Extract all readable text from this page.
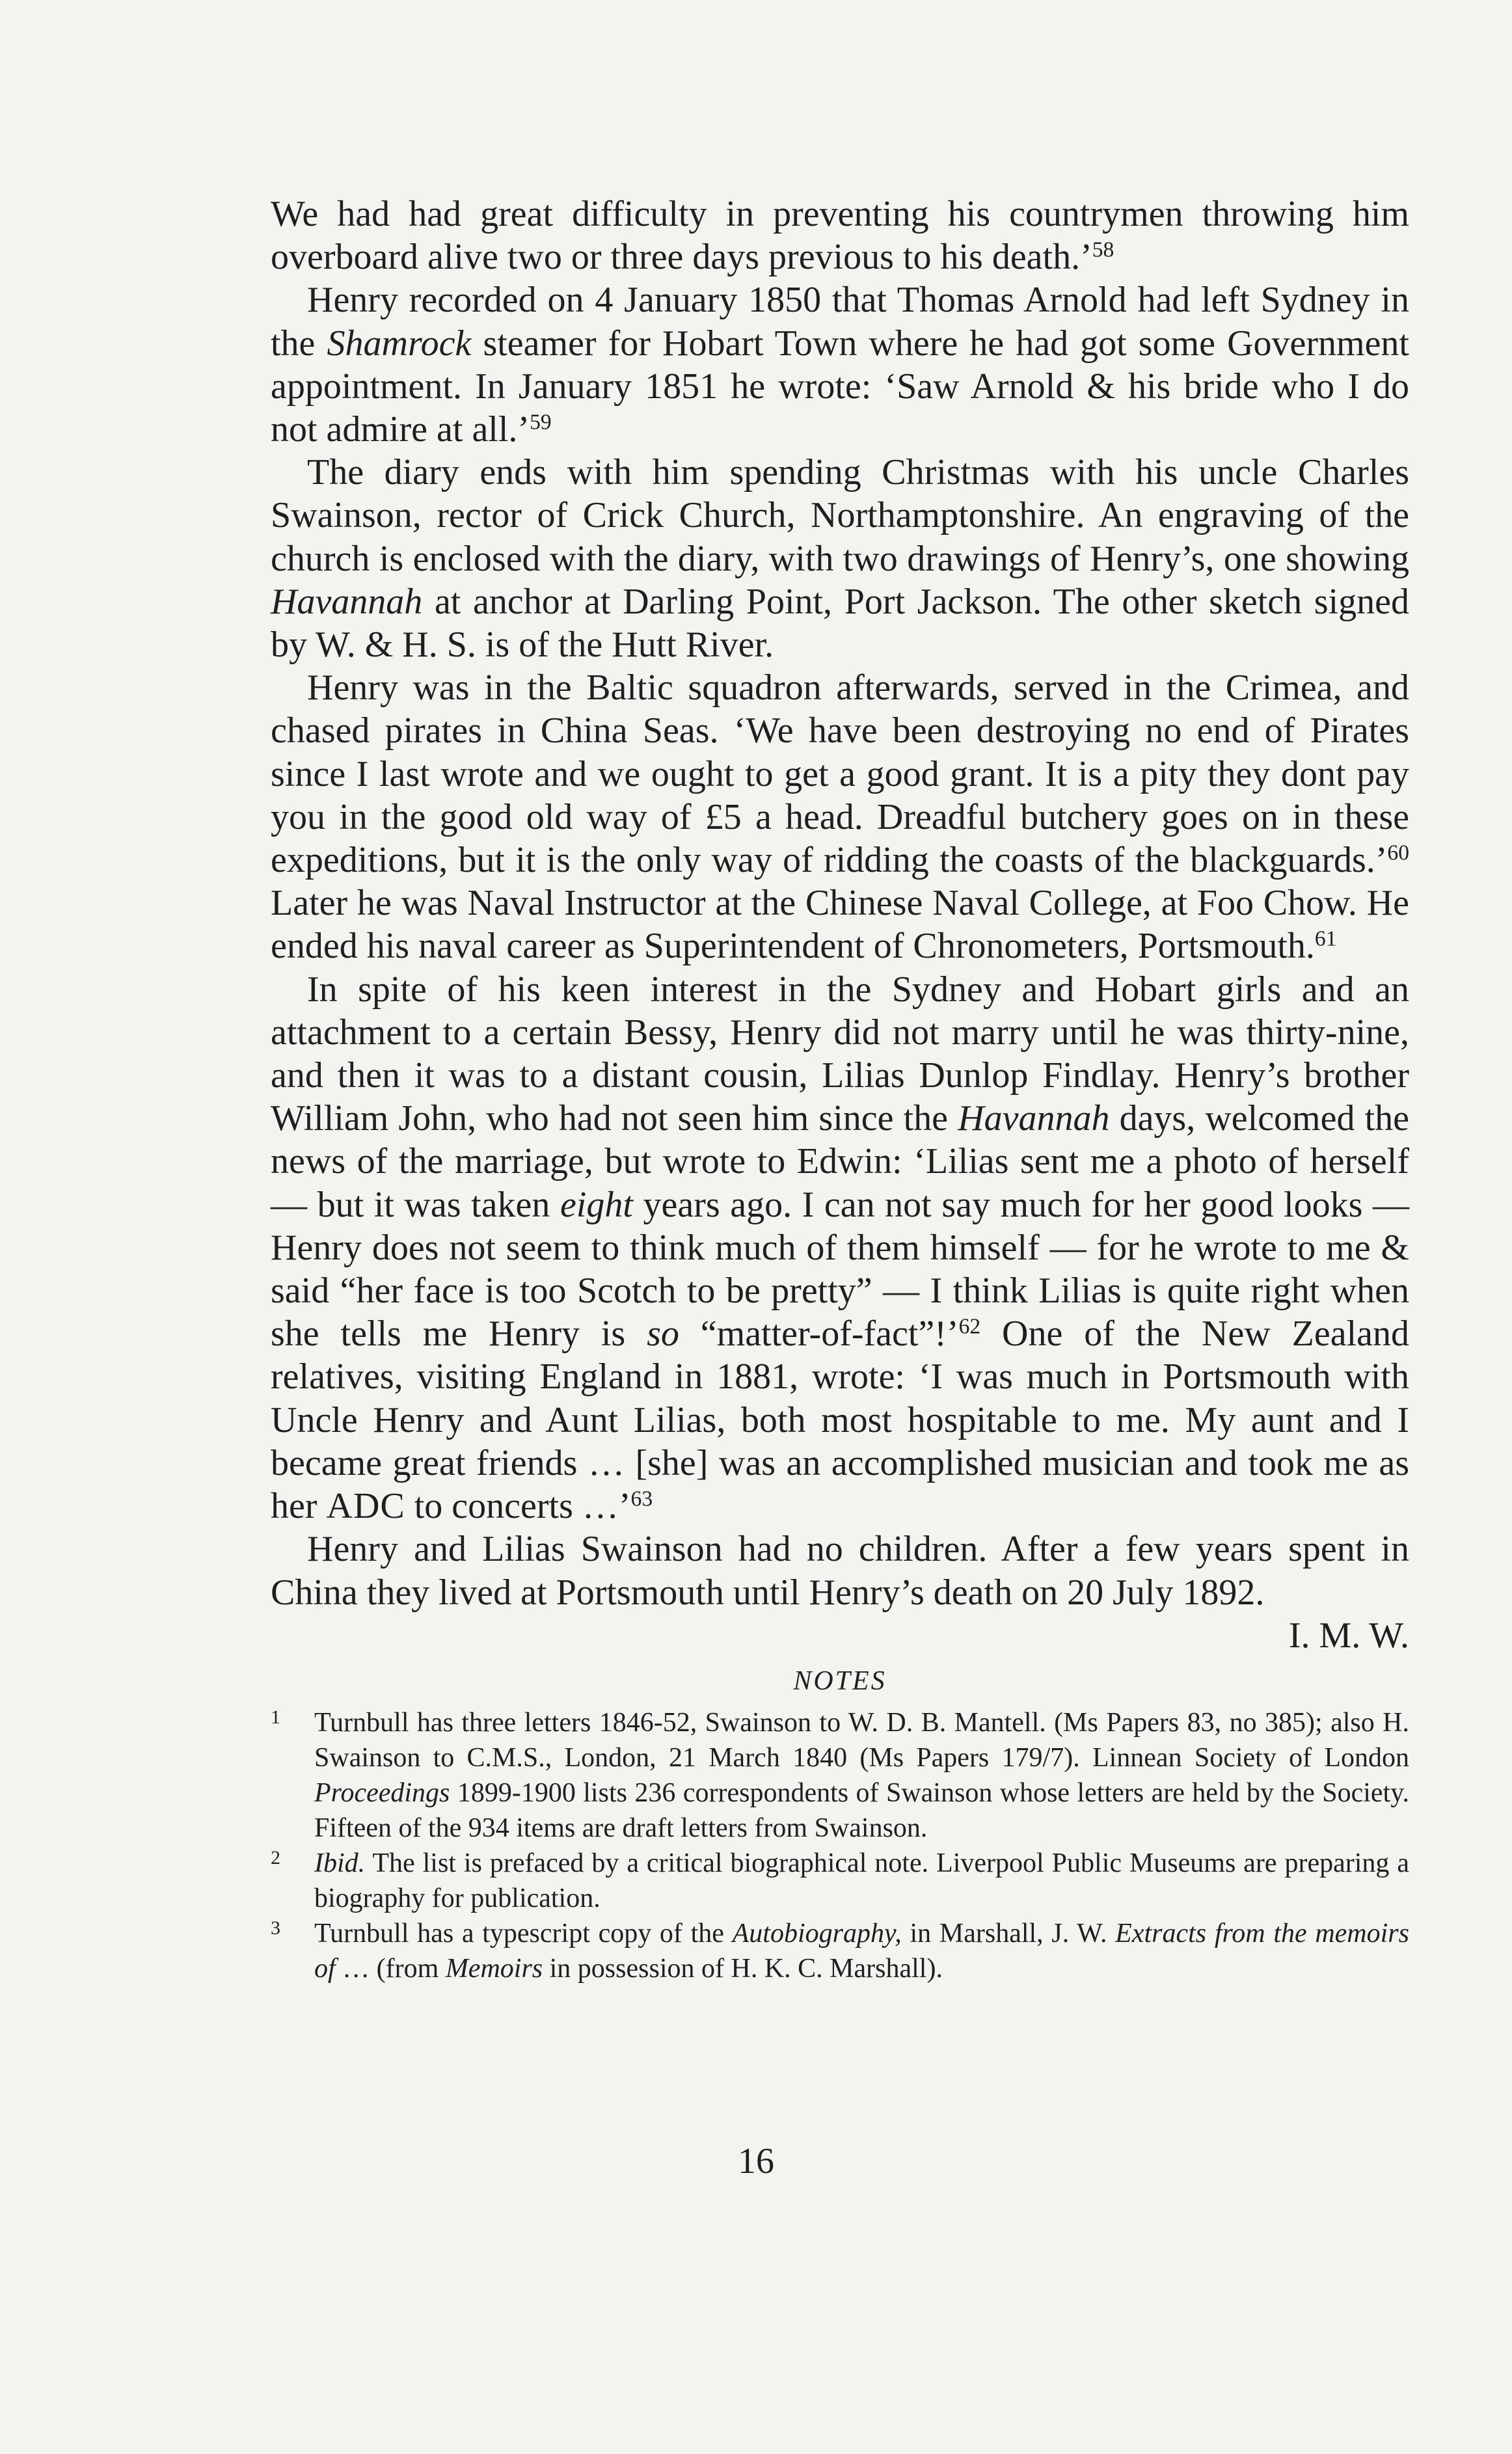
We had had great difficulty in preventing his countrymen throwing him overboard alive two or three days previous to his death.’$^{58}$

Henry recorded on 4 January 1850 that Thomas Arnold had left Sydney in the Shamrock steamer for Hobart Town where he had got some Government appointment. In January 1851 he wrote: ‘Saw Arnold & his bride who I do not admire at all.’$^{59}$

The diary ends with him spending Christmas with his uncle Charles Swainson, rector of Crick Church, Northamptonshire. An engraving of the church is enclosed with the diary, with two drawings of Henry’s, one showing Havannah at anchor at Darling Point, Port Jackson. The other sketch signed by W. & H. S. is of the Hutt River.

Henry was in the Baltic squadron afterwards, served in the Crimea, and chased pirates in China Seas. ‘We have been destroying no end of Pirates since I last wrote and we ought to get a good grant. It is a pity they dont pay you in the good old way of £5 a head. Dreadful butchery goes on in these expeditions, but it is the only way of ridding the coasts of the blackguards.’$^{60}$ Later he was Naval Instructor at the Chinese Naval College, at Foo Chow. He ended his naval career as Superintendent of Chronometers, Portsmouth.$^{61}$

In spite of his keen interest in the Sydney and Hobart girls and an attachment to a certain Bessy, Henry did not marry until he was thirty-nine, and then it was to a distant cousin, Lilias Dunlop Findlay. Henry’s brother William John, who had not seen him since the Havannah days, welcomed the news of the marriage, but wrote to Edwin: ‘Lilias sent me a photo of herself — but it was taken eight years ago. I can not say much for her good looks — Henry does not seem to think much of them himself — for he wrote to me & said “her face is too Scotch to be pretty” — I think Lilias is quite right when she tells me Henry is so “matter-of-fact”!’$^{62}$ One of the New Zealand relatives, visiting England in 1881, wrote: ‘I was much in Portsmouth with Uncle Henry and Aunt Lilias, both most hospitable to me. My aunt and I became great friends … [she] was an accomplished musician and took me as her ADC to concerts …’$^{63}$

Henry and Lilias Swainson had no children. After a few years spent in China they lived at Portsmouth until Henry’s death on 20 July 1892.

I. M. W.

NOTES
1 Turnbull has three letters 1846-52, Swainson to W. D. B. Mantell. (Ms Papers 83, no 385); also H. Swainson to C.M.S., London, 21 March 1840 (Ms Papers 179/7). Linnean Society of London Proceedings 1899-1900 lists 236 correspondents of Swainson whose letters are held by the Society. Fifteen of the 934 items are draft letters from Swainson.
2 Ibid. The list is prefaced by a critical biographical note. Liverpool Public Museums are preparing a biography for publication.
3 Turnbull has a typescript copy of the Autobiography, in Marshall, J. W. Extracts from the memoirs of … (from Memoirs in possession of H. K. C. Marshall).
16
